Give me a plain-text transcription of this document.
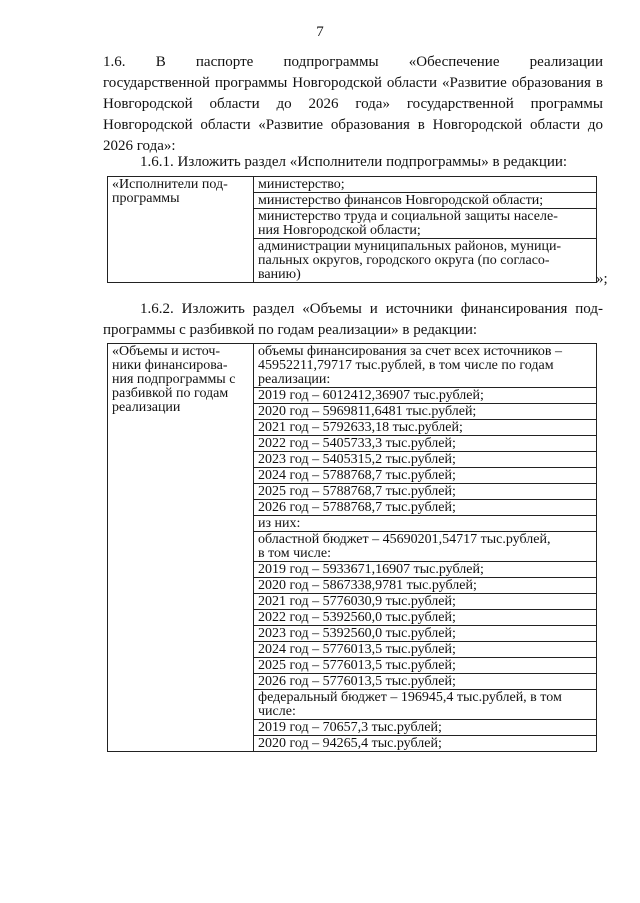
7
1.6. В паспорте подпрограммы «Обеспечение реализации
государственной программы Новгородской области «Развитие образования в
Новгородской области до 2026 года» государственной программы
Новгородской области «Развитие образования в Новгородской области до
2026 года»:
1.6.1. Изложить раздел «Исполнители подпрограммы» в редакции:
«Исполнители под-
программы

министерство;

министерство финансов Новгородской области;

министерство труда и социальной защиты населе-
ния Новгородской области;

администрации муниципальных районов, муници-
пальных округов, городского округа (по согласо-
ванию)	»;
1.6.2. Изложить раздел «Объемы и источники финансирования под-
программы с разбивкой по годам реализации» в редакции:
«Объемы и источ-
ники финансирова-
ния подпрограммы с
разбивкой по годам
реализации

объемы финансирования за счет всех источников –
45952211,79717 тыс.рублей, в том числе по годам
реализации:

2019 год – 6012412,36907 тыс.рублей;

2020 год – 5969811,6481 тыс.рублей;

2021 год – 5792633,18 тыс.рублей;

2022 год – 5405733,3 тыс.рублей;

2023 год – 5405315,2 тыс.рублей;

2024 год – 5788768,7 тыс.рублей;

2025 год – 5788768,7 тыс.рублей;

2026 год – 5788768,7 тыс.рублей;

из них:

областной бюджет – 45690201,54717 тыс.рублей,
в том числе:

2019 год – 5933671,16907 тыс.рублей;

2020 год – 5867338,9781 тыс.рублей;

2021 год – 5776030,9 тыс.рублей;

2022 год – 5392560,0 тыс.рублей;

2023 год – 5392560,0 тыс.рублей;

2024 год – 5776013,5 тыс.рублей;

2025 год – 5776013,5 тыс.рублей;

2026 год – 5776013,5 тыс.рублей;

федеральный бюджет – 196945,4 тыс.рублей, в том
числе:

2019 год – 70657,3 тыс.рублей;

2020 год – 94265,4 тыс.рублей;
